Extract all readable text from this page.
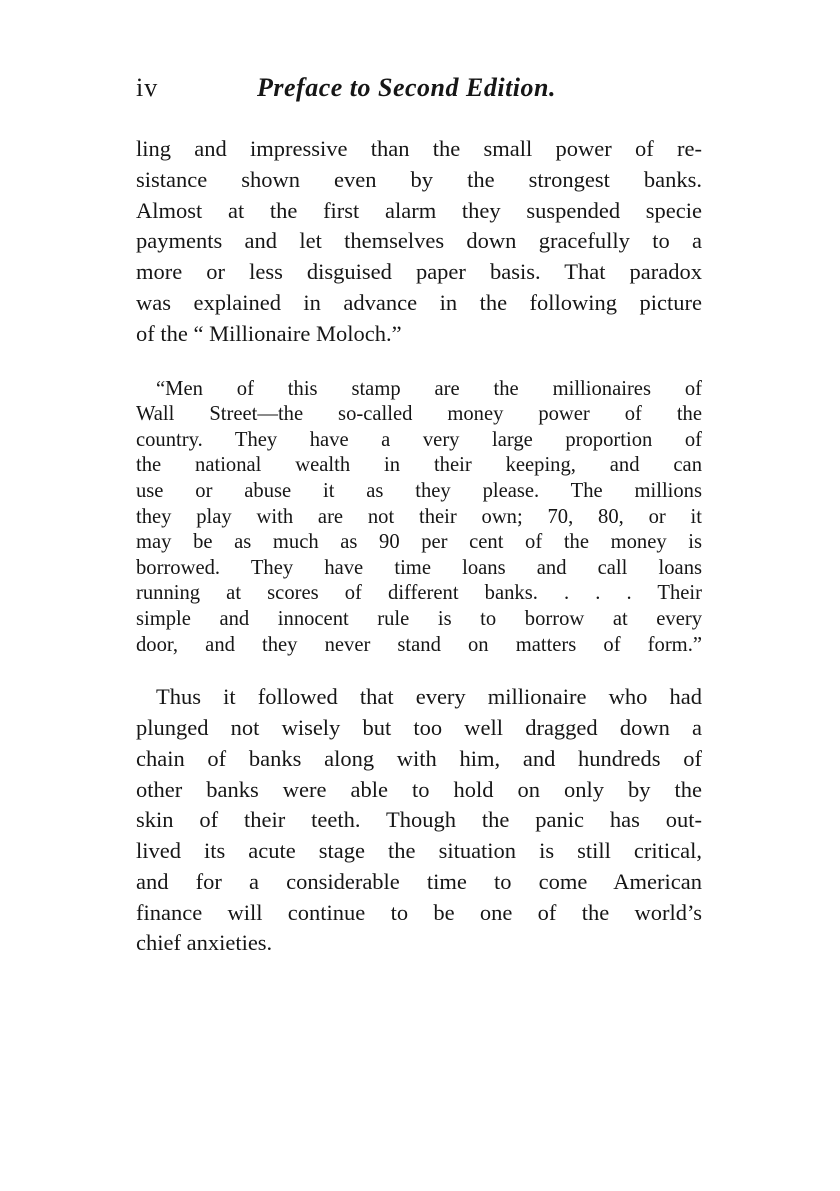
iv	Preface to Second Edition.
ling and impressive than the small power of re-
sistance shown even by the strongest banks.
Almost at the first alarm they suspended specie
payments and let themselves down gracefully to a
more or less disguised paper basis. That paradox
was explained in advance in the following picture
of the “ Millionaire Moloch.”
“Men of this stamp are the millionaires of
Wall Street—the so-called money power of the
country. They have a very large proportion of
the national wealth in their keeping, and can
use or abuse it as they please. The millions
they play with are not their own; 70, 80, or it
may be as much as 90 per cent of the money is
borrowed. They have time loans and call loans
running at scores of different banks. . . . Their
simple and innocent rule is to borrow at every
door, and they never stand on matters of form.”
Thus it followed that every millionaire who had
plunged not wisely but too well dragged down a
chain of banks along with him, and hundreds of
other banks were able to hold on only by the
skin of their teeth. Though the panic has out-
lived its acute stage the situation is still critical,
and for a considerable time to come American
finance will continue to be one of the world’s
chief anxieties.
